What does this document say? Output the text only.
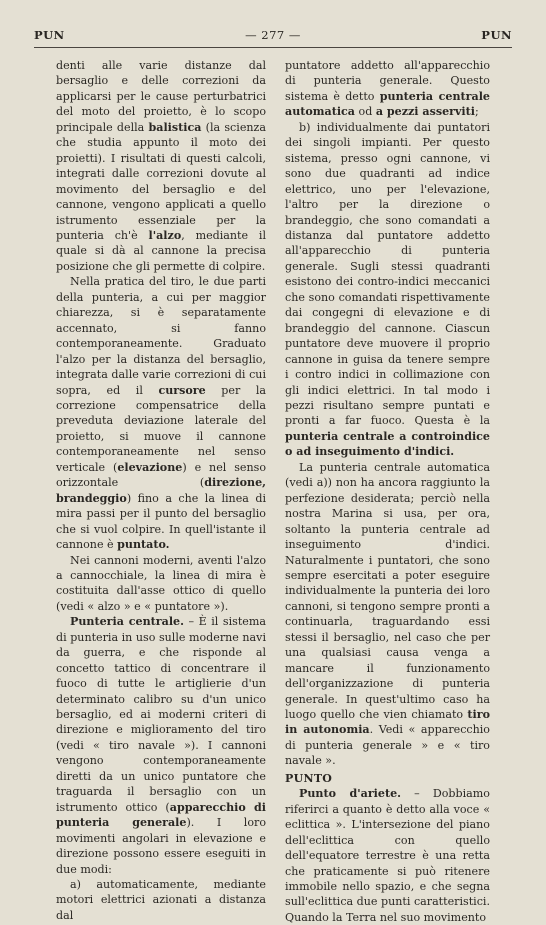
PUN	— 277 —	PUN

denti alle varie distanze dal bersaglio e delle correzioni da applicarsi per le cause perturbatrici del moto del proietto, è lo scopo principale della balistica (la scienza che studia appunto il moto dei proietti). I risultati di questi calcoli, integrati dalle correzioni dovute al movimento del bersaglio e del cannone, vengono applicati a quello istrumento essenziale per la punteria ch'è l'alzo, mediante il quale si dà al cannone la precisa posizione che gli permette di colpire.

Nella pratica del tiro, le due parti della punteria, a cui per maggior chiarezza, si è separatamente accennato, si fanno contemporaneamente. Graduato l'alzo per la distanza del bersaglio, integrata dalle varie correzioni di cui sopra, ed il cursore per la correzione compensatrice della preveduta deviazione laterale del proietto, si muove il cannone contemporaneamente nel senso verticale (elevazione) e nel senso orizzontale (direzione, brandeggio) fino a che la linea di mira passi per il punto del bersaglio che si vuol colpire. In quell'istante il cannone è puntato.

Nei cannoni moderni, aventi l'alzo a cannocchiale, la linea di mira è costituita dall'asse ottico di quello (vedi « alzo » e « puntatore »).

Punteria centrale. – È il sistema di punteria in uso sulle moderne navi da guerra, e che risponde al concetto tattico di concentrare il fuoco di tutte le artiglierie d'un determinato calibro su d'un unico bersaglio, ed ai moderni criteri di direzione e miglioramento del tiro (vedi « tiro navale »). I cannoni vengono contemporaneamente diretti da un unico puntatore che traguarda il bersaglio con un istrumento ottico (apparecchio di punteria generale). I loro movimenti angolari in elevazione e direzione possono essere eseguiti in due modi:

a) automaticamente, mediante motori elettrici azionati a distanza dal

puntatore addetto all'apparecchio di punteria generale. Questo sistema è detto punteria centrale automatica od a pezzi asserviti;

b) individualmente dai puntatori dei singoli impianti. Per questo sistema, presso ogni cannone, vi sono due quadranti ad indice elettrico, uno per l'elevazione, l'altro per la direzione o brandeggio, che sono comandati a distanza dal puntatore addetto all'apparecchio di punteria generale. Sugli stessi quadranti esistono dei contro-indici meccanici che sono comandati rispettivamente dai congegni di elevazione e di brandeggio del cannone. Ciascun puntatore deve muovere il proprio cannone in guisa da tenere sempre i contro indici in collimazione con gli indici elettrici. In tal modo i pezzi risultano sempre puntati e pronti a far fuoco. Questa è la punteria centrale a controindice o ad inseguimento d'indici.

La punteria centrale automatica (vedi a)) non ha ancora raggiunto la perfezione desiderata; perciò nella nostra Marina si usa, per ora, soltanto la punteria centrale ad inseguimento d'indici. Naturalmente i puntatori, che sono sempre esercitati a poter eseguire individualmente la punteria dei loro cannoni, si tengono sempre pronti a continuarla, traguardando essi stessi il bersaglio, nel caso che per una qualsiasi causa venga a mancare il funzionamento dell'organizzazione di punteria generale. In quest'ultimo caso ha luogo quello che vien chiamato tiro in autonomia. Vedi « apparecchio di punteria generale » e « tiro navale ».

PUNTO

Punto d'ariete. – Dobbiamo riferirci a quanto è detto alla voce « eclittica ». L'intersezione del piano dell'eclittica con quello dell'equatore terrestre è una retta che praticamente si può ritenere immobile nello spazio, e che segna sull'eclittica due punti caratteristici. Quando la Terra nel suo movimento
